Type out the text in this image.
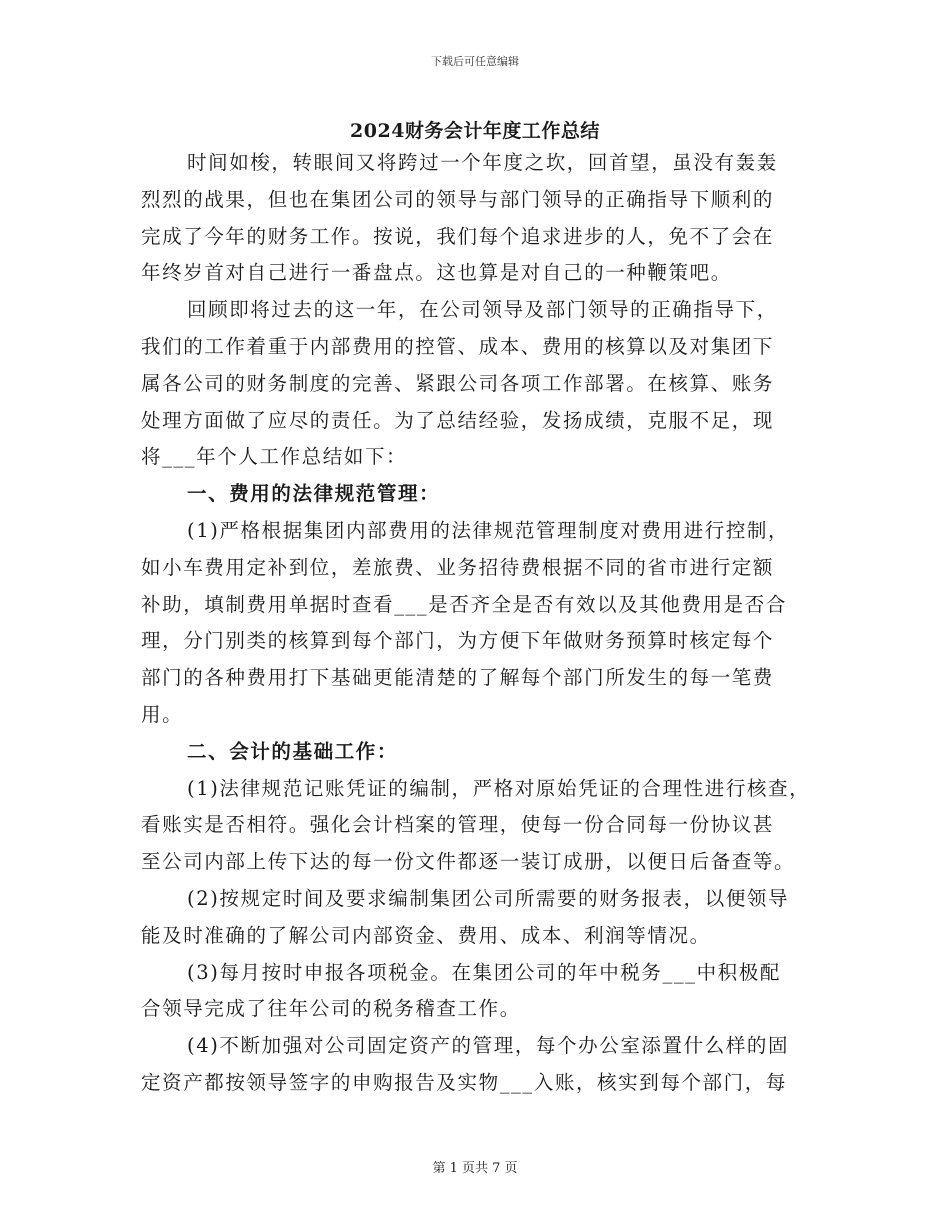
下载后可任意编辑
2024财务会计年度工作总结
时间如梭，转眼间又将跨过一个年度之坎，回首望，虽没有轰轰
烈烈的战果，但也在集团公司的领导与部门领导的正确指导下顺利的
完成了今年的财务工作。按说，我们每个追求进步的人，免不了会在
年终岁首对自己进行一番盘点。这也算是对自己的一种鞭策吧。
回顾即将过去的这一年，在公司领导及部门领导的正确指导下，
我们的工作着重于内部费用的控管、成本、费用的核算以及对集团下
属各公司的财务制度的完善、紧跟公司各项工作部署。在核算、账务
处理方面做了应尽的责任。为了总结经验，发扬成绩，克服不足，现
将___年个人工作总结如下：
一、费用的法律规范管理：
(1)严格根据集团内部费用的法律规范管理制度对费用进行控制，
如小车费用定补到位，差旅费、业务招待费根据不同的省市进行定额
补助，填制费用单据时查看___是否齐全是否有效以及其他费用是否合
理，分门别类的核算到每个部门，为方便下年做财务预算时核定每个
部门的各种费用打下基础更能清楚的了解每个部门所发生的每一笔费
用。
二、会计的基础工作：
(1)法律规范记账凭证的编制，严格对原始凭证的合理性进行核查，
看账实是否相符。强化会计档案的管理，使每一份合同每一份协议甚
至公司内部上传下达的每一份文件都逐一装订成册，以便日后备查等。
(2)按规定时间及要求编制集团公司所需要的财务报表，以便领导
能及时准确的了解公司内部资金、费用、成本、利润等情况。
(3)每月按时申报各项税金。在集团公司的年中税务___中积极配
合领导完成了往年公司的税务稽查工作。
(4)不断加强对公司固定资产的管理，每个办公室添置什么样的固
定资产都按领导签字的申购报告及实物___入账，核实到每个部门，每
第 1 页共 7 页
